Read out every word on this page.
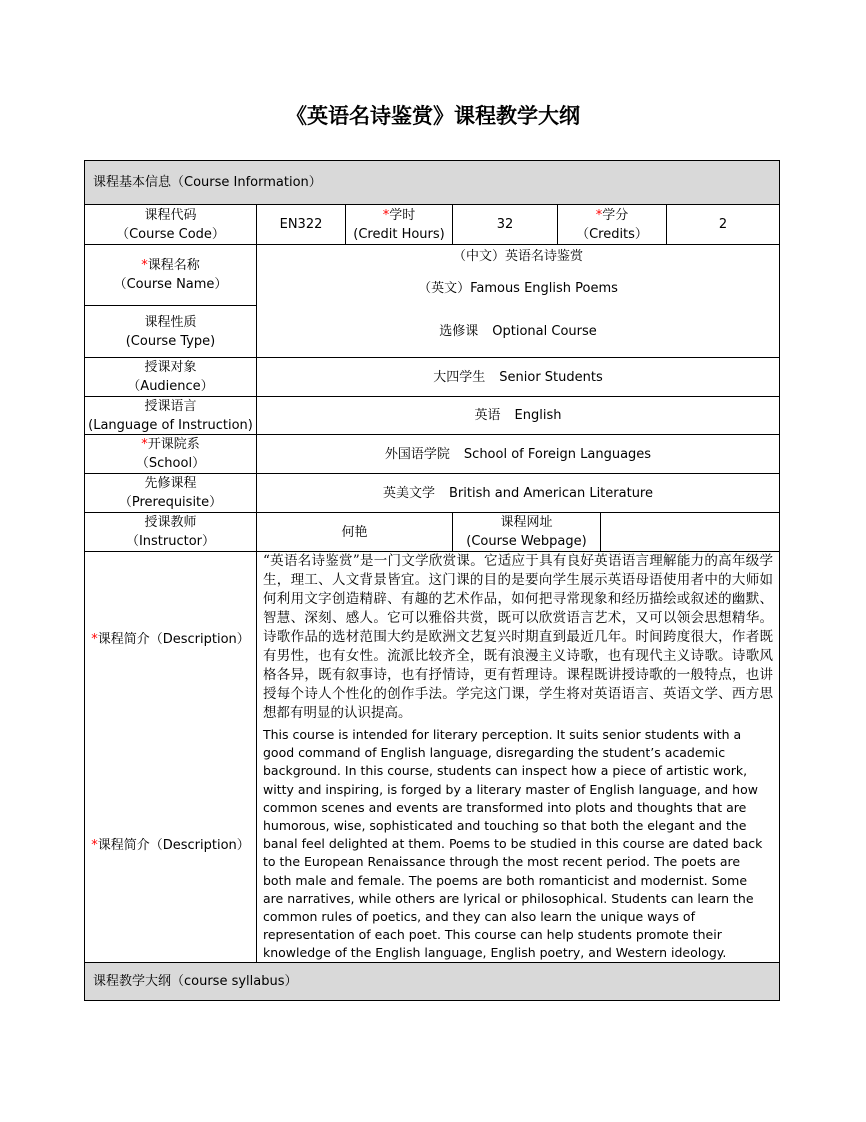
《英语名诗鉴赏》课程教学大纲
课程基本信息（Course Information）
课程代码
（Course Code）
EN322
*学时
(Credit Hours)
32
*学分
（Credits）
2
*课程名称
（Course Name）
（中文）英语名诗鉴赏
（英文）Famous English Poems
课程性质
(Course Type)
选修课 Optional Course
授课对象
（Audience）
大四学生 Senior Students
授课语言
(Language of Instruction)
英语 English
*开课院系
（School）
外国语学院 School of Foreign Languages
先修课程
（Prerequisite）
英美文学 British and American Literature
授课教师
（Instructor）
何艳
课程网址
(Course Webpage)
*课程简介（Description）
“英语名诗鉴赏”是一门文学欣赏课。它适应于具有良好英语语言理解能力的高年级学生，理工、人文背景皆宜。这门课的目的是要向学生展示英语母语使用者中的大师如何利用文字创造精辟、有趣的艺术作品，如何把寻常现象和经历描绘或叙述的幽默、智慧、深刻、感人。它可以雅俗共赏，既可以欣赏语言艺术，又可以领会思想精华。诗歌作品的选材范围大约是欧洲文艺复兴时期直到最近几年。时间跨度很大，作者既有男性，也有女性。流派比较齐全，既有浪漫主义诗歌，也有现代主义诗歌。诗歌风格各异，既有叙事诗，也有抒情诗，更有哲理诗。课程既讲授诗歌的一般特点，也讲授每个诗人个性化的创作手法。学完这门课，学生将对英语语言、英语文学、西方思想都有明显的认识提高。
*课程简介（Description）
This course is intended for literary perception. It suits senior students with a good command of English language, disregarding the student’s academic background. In this course, students can inspect how a piece of artistic work, witty and inspiring, is forged by a literary master of English language, and how common scenes and events are transformed into plots and thoughts that are humorous, wise, sophisticated and touching so that both the elegant and the banal feel delighted at them. Poems to be studied in this course are dated back to the European Renaissance through the most recent period. The poets are both male and female. The poems are both romanticist and modernist. Some are narratives, while others are lyrical or philosophical. Students can learn the common rules of poetics, and they can also learn the unique ways of representation of each poet. This course can help students promote their knowledge of the English language, English poetry, and Western ideology.
课程教学大纲（course syllabus）
